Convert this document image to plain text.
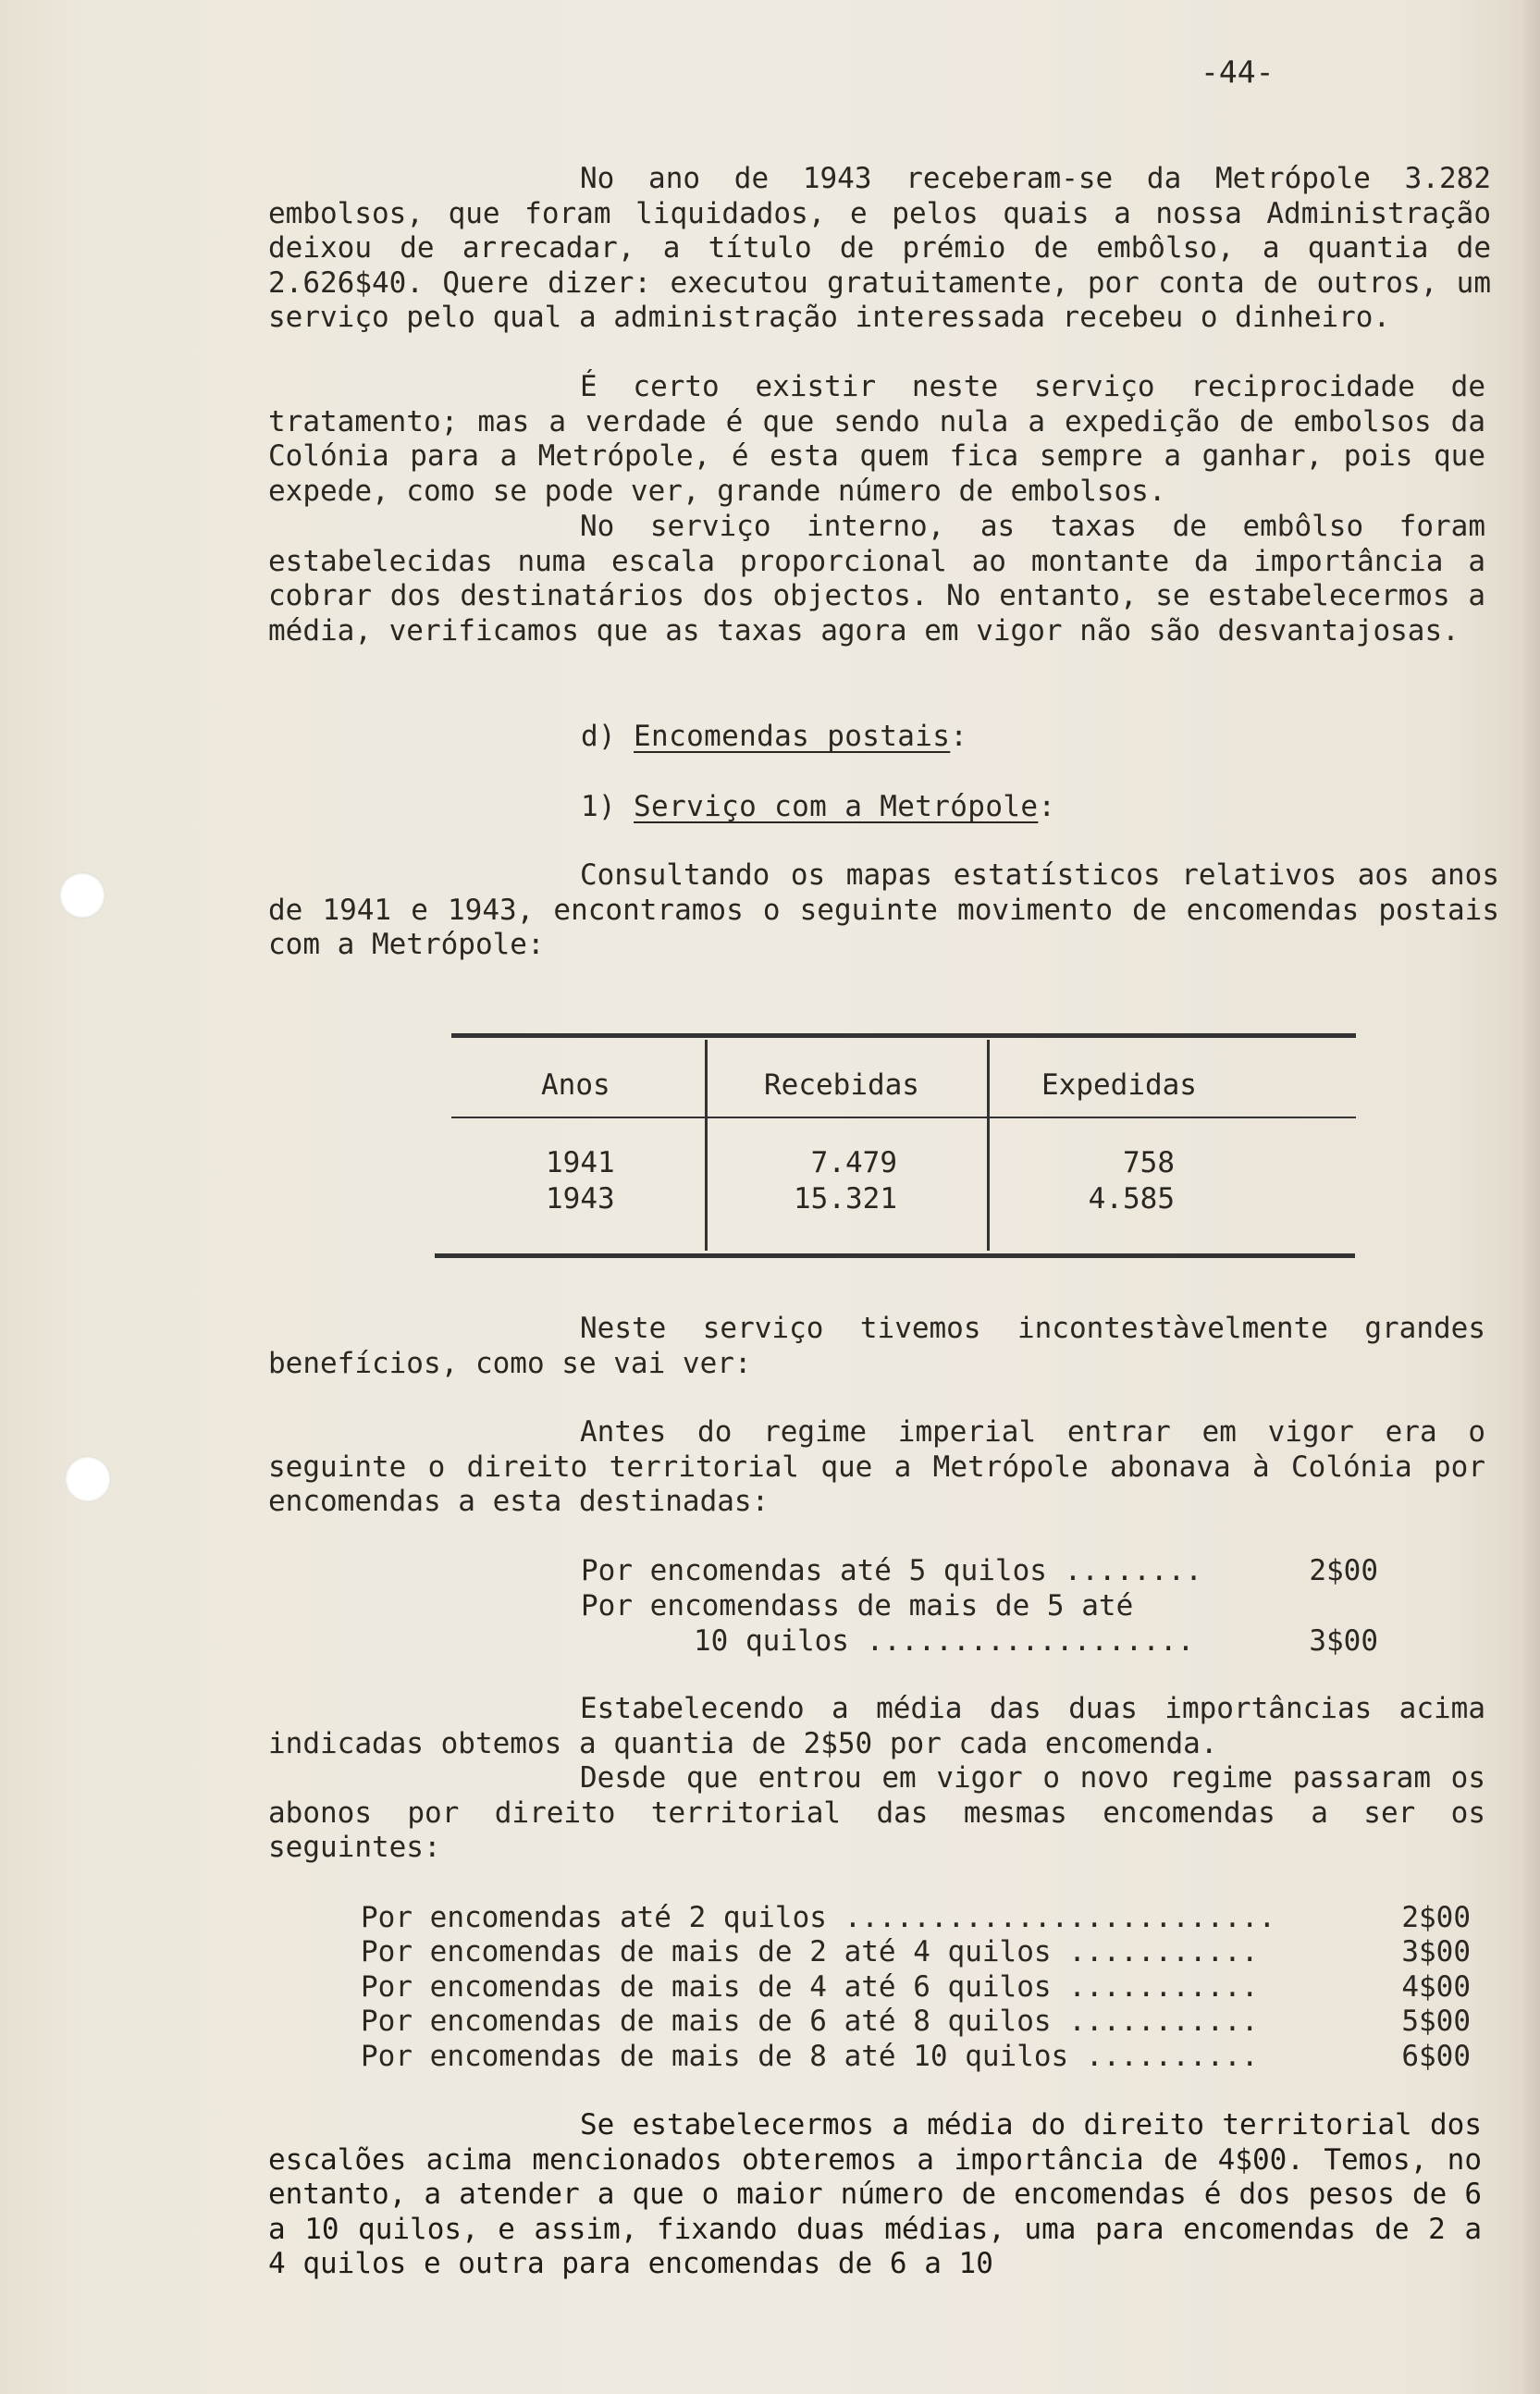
-44-
No ano de 1943 receberam-se da Metrópole 3.282 embolsos, que foram liquidados, e pelos quais a nossa Administração deixou de arrecadar, a título de prémio de embôlso, a quantia de 2.626$40. Quere dizer: executou gratuitamente, por conta de outros, um serviço pelo qual a administração interessada recebeu o dinheiro.
É certo existir neste serviço reciprocidade de tratamento; mas a verdade é que sendo nula a expedição de embolsos da Colónia para a Metrópole, é esta quem fica sempre a ganhar, pois que expede, como se pode ver, grande número de embolsos.
No serviço interno, as taxas de embôlso foram estabelecidas numa escala proporcional ao montante da importância a cobrar dos destinatários dos objectos. No entanto, se estabelecermos a média, verificamos que as taxas agora em vigor não são desvantajosas.
d) Encomendas postais:
1) Serviço com a Metrópole:
Consultando os mapas estatísticos relativos aos anos de 1941 e 1943, encontramos o seguinte movimento de encomendas postais com a Metrópole:
Anos	Recebidas	Expedidas
1941	7.479	758
1943	15.321	4.585
Neste serviço tivemos incontestàvelmente grandes benefícios, como se vai ver:
Antes do regime imperial entrar em vigor era o seguinte o direito territorial que a Metrópole abonava à Colónia por encomendas a esta destinadas:
Por encomendas até 5 quilos ........	2$00
Por encomendass de mais de 5 até
10 quilos ...................	3$00
Estabelecendo a média das duas importâncias acima indicadas obtemos a quantia de 2$50 por cada encomenda.
Desde que entrou em vigor o novo regime passaram os abonos por direito territorial das mesmas encomendas a ser os seguintes:
Por encomendas até 2 quilos .........................	2$00
Por encomendas de mais de 2 até 4 quilos ...........	3$00
Por encomendas de mais de 4 até 6 quilos ...........	4$00
Por encomendas de mais de 6 até 8 quilos ...........	5$00
Por encomendas de mais de 8 até 10 quilos ..........	6$00
Se estabelecermos a média do direito territorial dos escalões acima mencionados obteremos a importância de 4$00. Temos, no entanto, a atender a que o maior número de encomendas é dos pesos de 6 a 10 quilos, e assim, fixando duas médias, uma para encomendas de 2 a 4 quilos e outra para encomendas de 6 a 10
